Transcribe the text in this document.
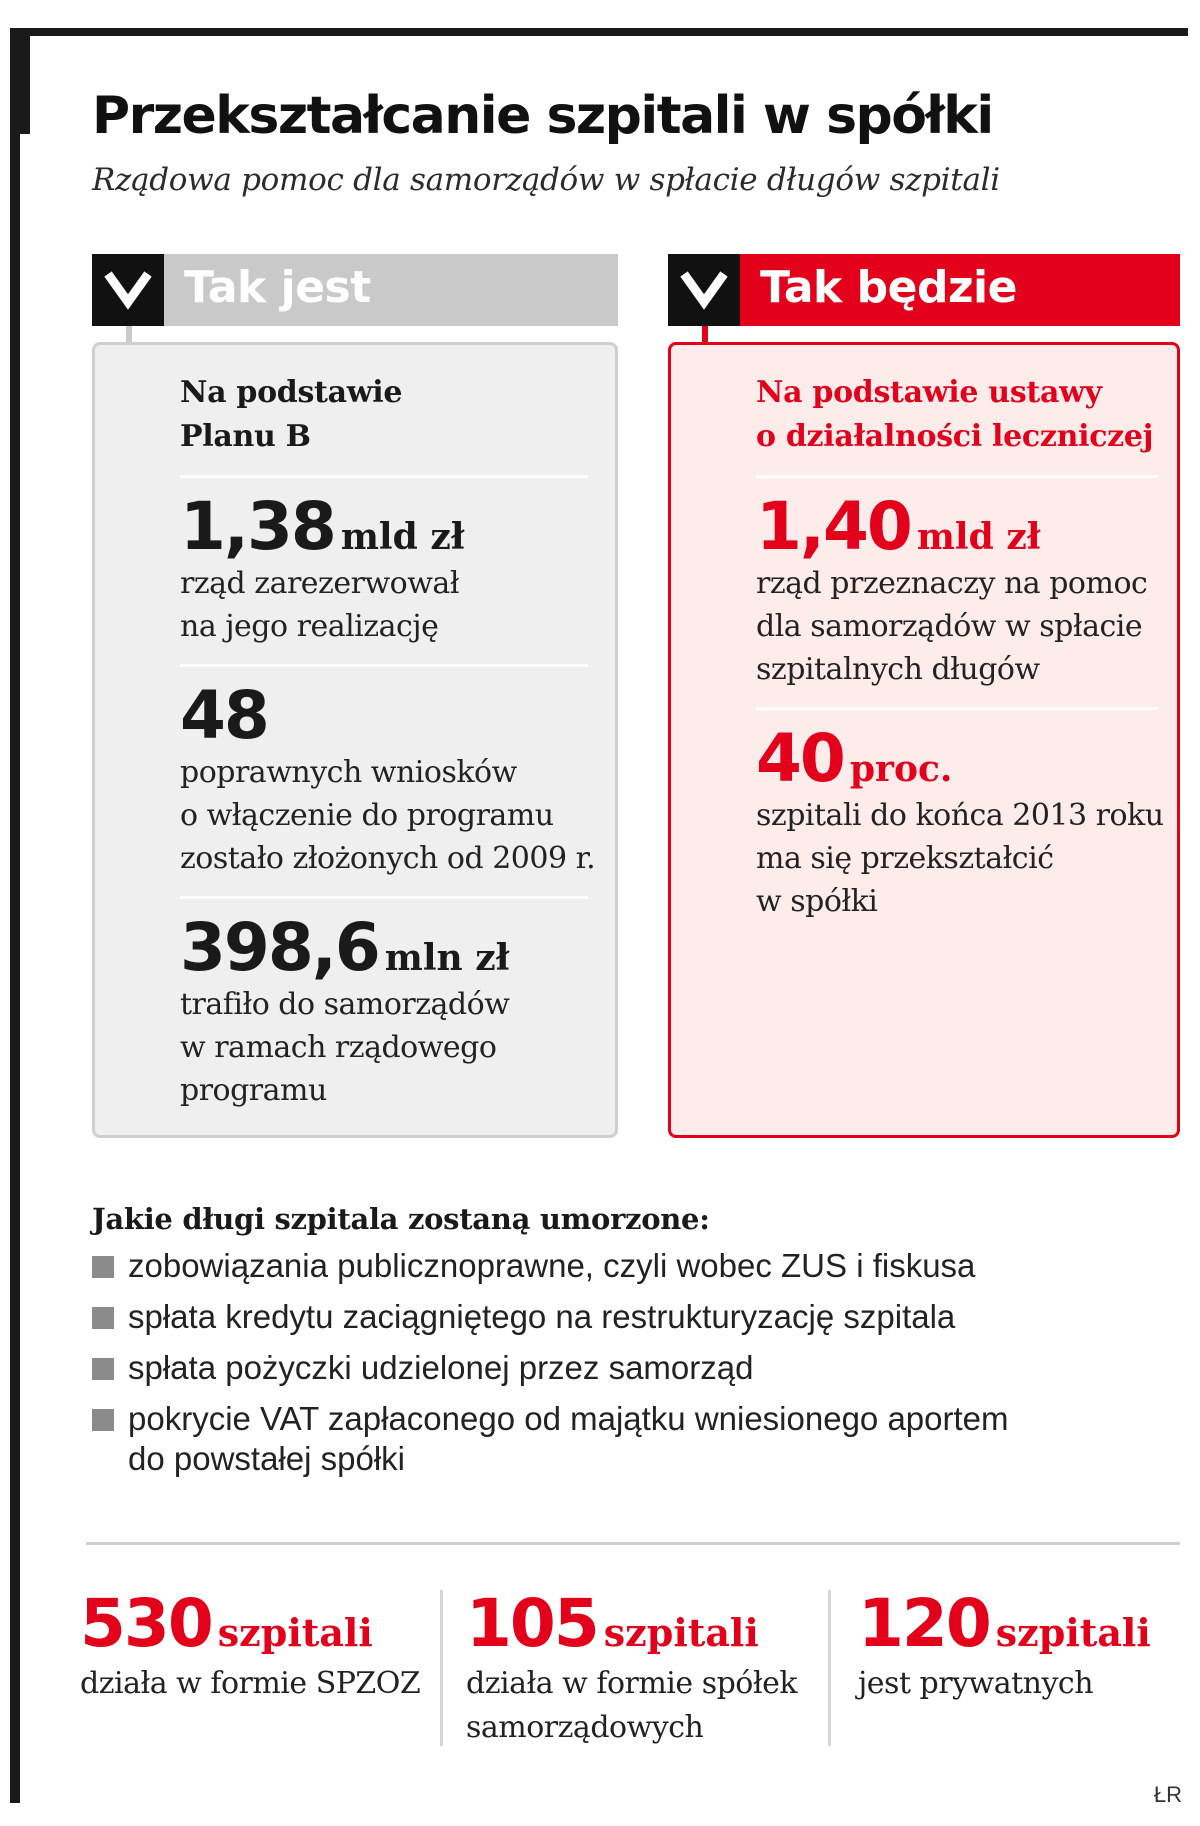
Przekształcanie szpitali w spółki
Rządowa pomoc dla samorządów w spłacie długów szpitali
Tak jest	Tak będzie
Na podstawie
Planu B
1,38 mld zł
rząd zarezerwował
na jego realizację
48
poprawnych wniosków
o włączenie do programu
zostało złożonych od 2009 r.
398,6 mln zł
trafiło do samorządów
w ramach rządowego
programu
Na podstawie ustawy
o działalności leczniczej
1,40 mld zł
rząd przeznaczy na pomoc
dla samorządów w spłacie
szpitalnych długów
40 proc.
szpitali do końca 2013 roku
ma się przekształcić
w spółki
Jakie długi szpitala zostaną umorzone:
zobowiązania publicznoprawne, czyli wobec ZUS i fiskusa
spłata kredytu zaciągniętego na restrukturyzację szpitala
spłata pożyczki udzielonej przez samorząd
pokrycie VAT zapłaconego od majątku wniesionego aportem
do powstałej spółki
530 szpitali
działa w formie SPZOZ
105 szpitali
działa w formie spółek
samorządowych
120 szpitali
jest prywatnych
ŁR
